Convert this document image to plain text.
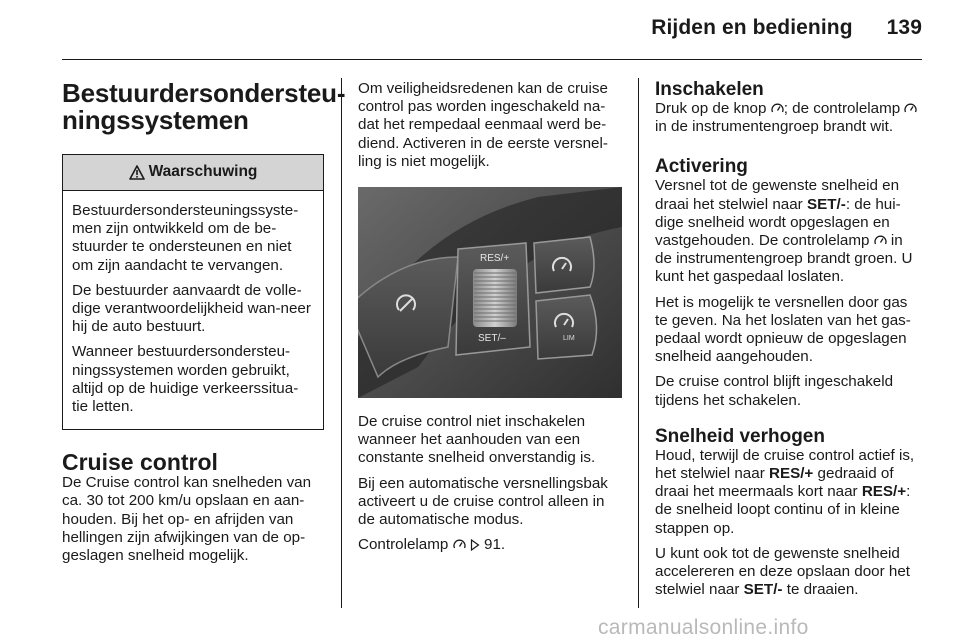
Rijden en bediening 139
Bestuurdersondersteu-
ningssystemen
Waarschuwing

Bestuurdersondersteuningssyste-men zijn ontwikkeld om de be-stuurder te ondersteunen en niet om zijn aandacht te vervangen.

De bestuurder aanvaardt de volle-dige verantwoordelijkheid wan-neer hij de auto bestuurt.

Wanneer bestuurdersondersteu-ningssystemen worden gebruikt, altijd op de huidige verkeerssitua-tie letten.

Cruise control

De Cruise control kan snelheden van ca. 30 tot 200 km/u opslaan en aan-houden. Bij het op- en afrijden van hellingen zijn afwijkingen van de op-geslagen snelheid mogelijk.

Om veiligheidsredenen kan de cruise control pas worden ingeschakeld na-dat het rempedaal eenmaal werd be-diend. Activeren in de eerste versnel-ling is niet mogelijk.

RES/+
SET/–	LIM

De cruise control niet inschakelen wanneer het aanhouden van een constante snelheid onverstandig is.

Bij een automatische versnellingsbak activeert u de cruise control alleen in de automatische modus.

Controlelamp 91.

Inschakelen

Druk op de knop ; de controlelamp  in de instrumentengroep brandt wit.

Activering

Versnel tot de gewenste snelheid en draai het stelwiel naar SET/-: de hui-dige snelheid wordt opgeslagen en vastgehouden. De controlelamp in de instrumentengroep brandt groen. U kunt het gaspedaal loslaten.

Het is mogelijk te versnellen door gas te geven. Na het loslaten van het gas-pedaal wordt opnieuw de opgeslagen snelheid aangehouden.

De cruise control blijft ingeschakeld tijdens het schakelen.

Snelheid verhogen

Houd, terwijl de cruise control actief is, het stelwiel naar RES/+ gedraaid of draai het meermaals kort naar RES/+: de snelheid loopt continu of in kleine stappen op.

U kunt ook tot de gewenste snelheid accelereren en deze opslaan door het stelwiel naar SET/- te draaien.

carmanualsonline.info
